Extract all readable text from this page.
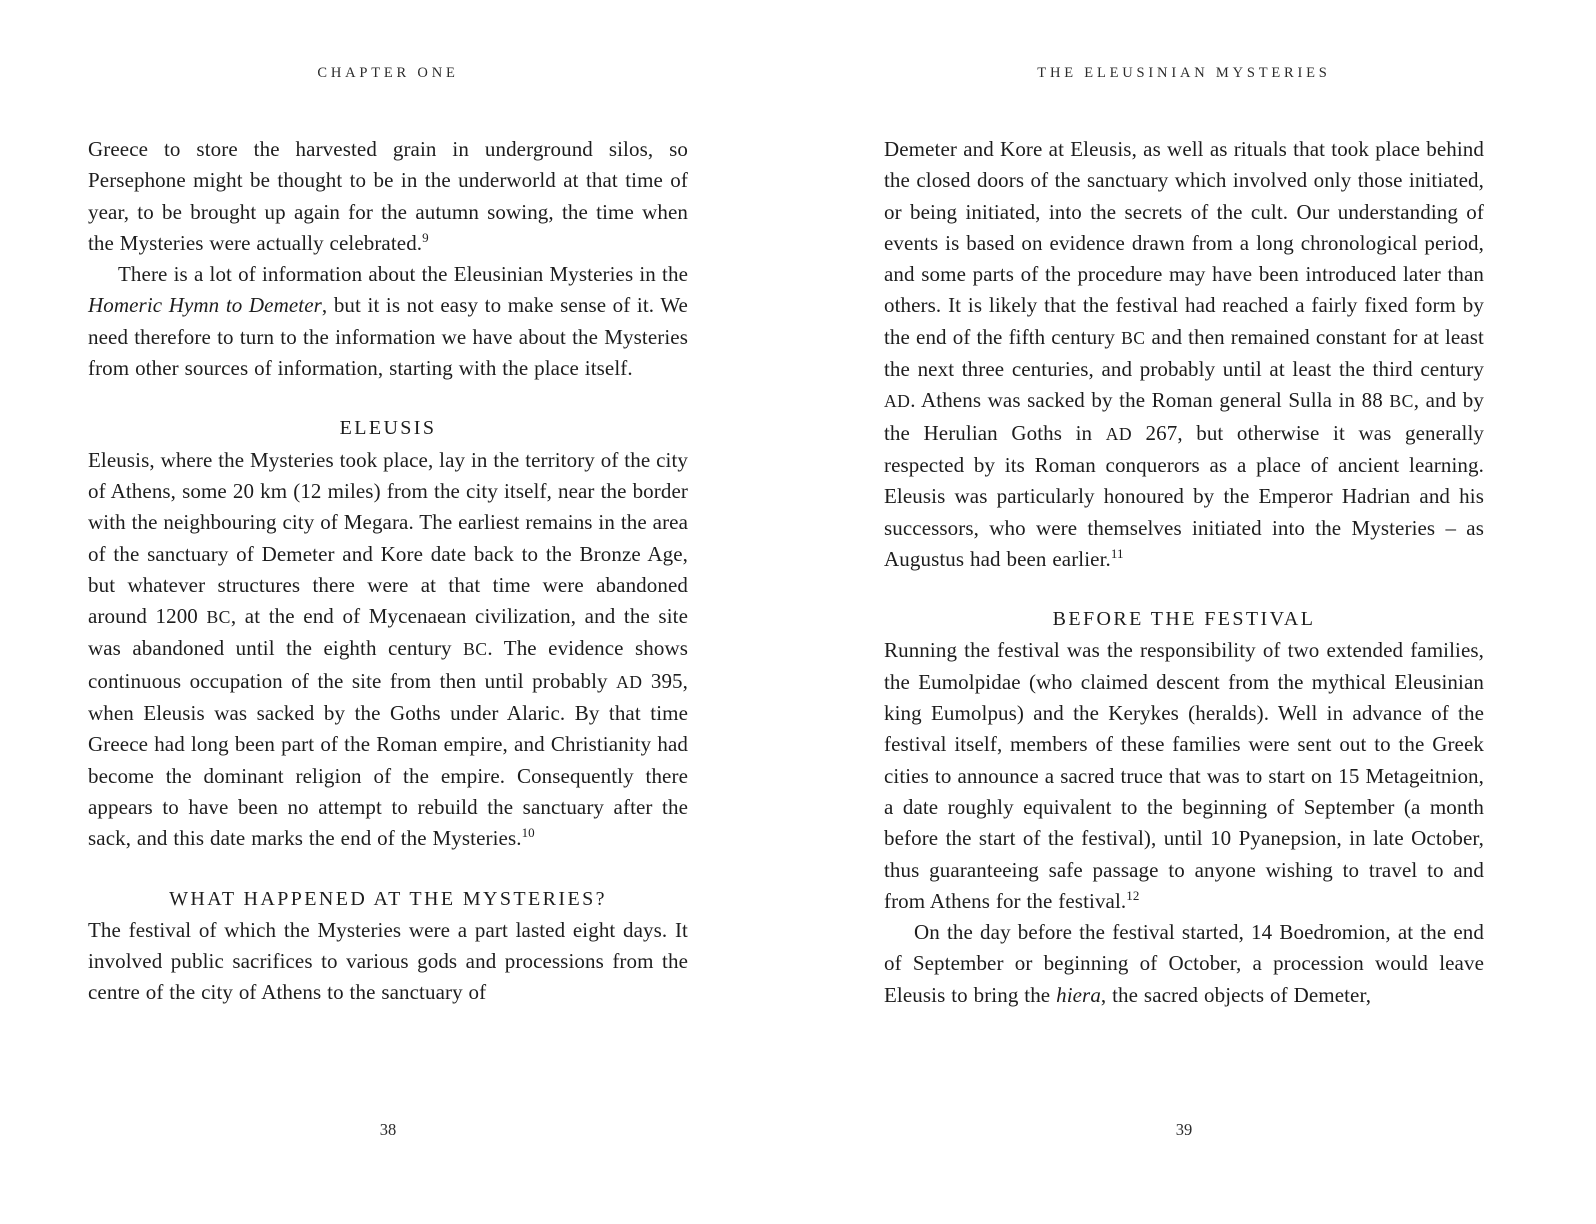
CHAPTER ONE

Greece to store the harvested grain in underground silos, so Persephone might be thought to be in the underworld at that time of year, to be brought up again for the autumn sowing, the time when the Mysteries were actually celebrated.$^9$

There is a lot of information about the Eleusinian Mysteries in the Homeric Hymn to Demeter, but it is not easy to make sense of it. We need therefore to turn to the information we have about the Mysteries from other sources of information, starting with the place itself.

ELEUSIS

Eleusis, where the Mysteries took place, lay in the territory of the city of Athens, some 20 km (12 miles) from the city itself, near the border with the neighbouring city of Megara. The earliest remains in the area of the sanctuary of Demeter and Kore date back to the Bronze Age, but whatever structures there were at that time were abandoned around 1200 BC, at the end of Mycenaean civilization, and the site was abandoned until the eighth century BC. The evidence shows continuous occupation of the site from then until probably AD 395, when Eleusis was sacked by the Goths under Alaric. By that time Greece had long been part of the Roman empire, and Christianity had become the dominant religion of the empire. Consequently there appears to have been no attempt to rebuild the sanctuary after the sack, and this date marks the end of the Mysteries.$^{10}$

WHAT HAPPENED AT THE MYSTERIES?

The festival of which the Mysteries were a part lasted eight days. It involved public sacrifices to various gods and processions from the centre of the city of Athens to the sanctuary of

38
THE ELEUSINIAN MYSTERIES

Demeter and Kore at Eleusis, as well as rituals that took place behind the closed doors of the sanctuary which involved only those initiated, or being initiated, into the secrets of the cult. Our understanding of events is based on evidence drawn from a long chronological period, and some parts of the procedure may have been introduced later than others. It is likely that the festival had reached a fairly fixed form by the end of the fifth century BC and then remained constant for at least the next three centuries, and probably until at least the third century AD. Athens was sacked by the Roman general Sulla in 88 BC, and by the Herulian Goths in AD 267, but otherwise it was generally respected by its Roman conquerors as a place of ancient learning. Eleusis was particularly honoured by the Emperor Hadrian and his successors, who were themselves initiated into the Mysteries – as Augustus had been earlier.$^{11}$

BEFORE THE FESTIVAL

Running the festival was the responsibility of two extended families, the Eumolpidae (who claimed descent from the mythical Eleusinian king Eumolpus) and the Kerykes (heralds). Well in advance of the festival itself, members of these families were sent out to the Greek cities to announce a sacred truce that was to start on 15 Metageitnion, a date roughly equivalent to the beginning of September (a month before the start of the festival), until 10 Pyanepsion, in late October, thus guaranteeing safe passage to anyone wishing to travel to and from Athens for the festival.$^{12}$

On the day before the festival started, 14 Boedromion, at the end of September or beginning of October, a procession would leave Eleusis to bring the hiera, the sacred objects of Demeter,

39
